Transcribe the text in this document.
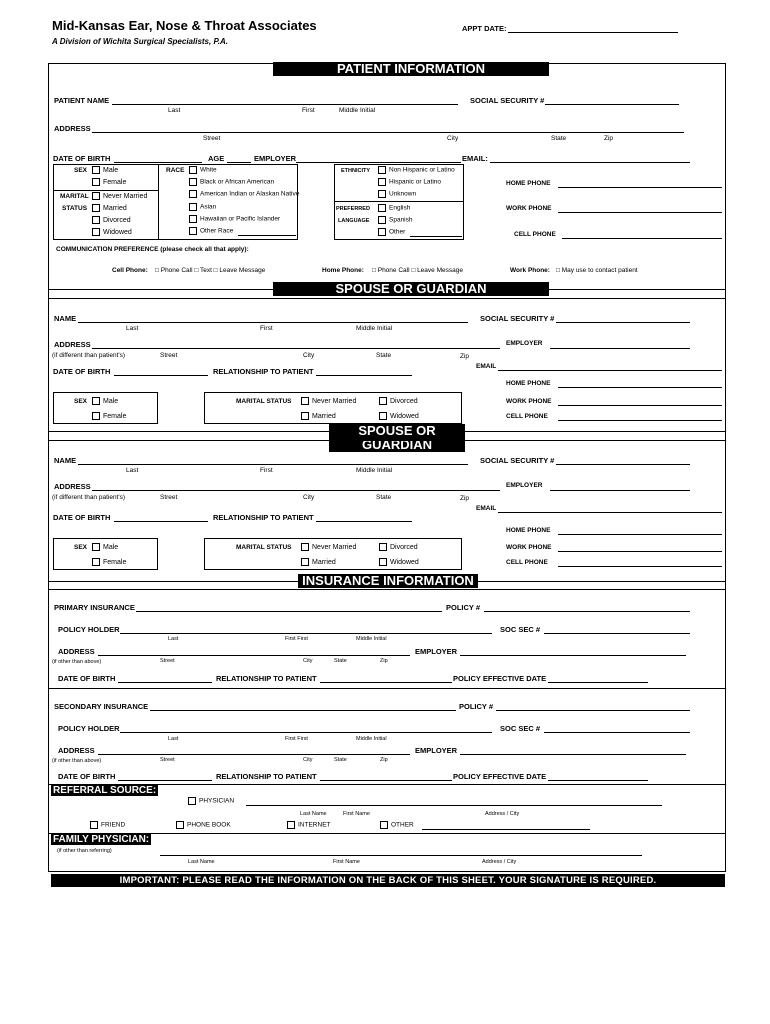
Mid-Kansas Ear, Nose & Throat Associates
A Division of Wichita Surgical Specialists, P.A.
APPT DATE:
PATIENT INFORMATION
PATIENT NAME
Last	First	Middle Initial
SOCIAL SECURITY #
ADDRESS
Street	City	State	Zip
DATE OF BIRTH	AGE	EMPLOYER	EMAIL:
SEX	Male
Female
MARITAL
STATUS
Never Married
Married
Divorced
Widowed
RACE	White
Black or African American
American Indian or Alaskan Native
Asian
Hawaiian or Pacific Islander
Other Race
ETHNICITY	Non Hispanic or Latino
Hispanic or Latino
Unknown
PREFERRED
LANGUAGE
English
Spanish
Other
HOME PHONE
WORK PHONE
CELL PHONE
COMMUNICATION PREFERENCE (please check all that apply):
Cell Phone: □ Phone Call □ Text □ Leave Message	Home Phone: □ Phone Call □ Leave Message	Work Phone: □ May use to contact patient
SPOUSE OR GUARDIAN
NAME
Last	First	Middle Initial
SOCIAL SECURITY #
ADDRESS	EMPLOYER
(if different than patient's)	Street	City	State	Zip
DATE OF BIRTH	RELATIONSHIP TO PATIENT
EMAIL
HOME PHONE
SEX	Male
Female
MARITAL STATUS	Never Married
Married
Divorced
Widowed
WORK PHONE
CELL PHONE
SPOUSE OR GUARDIAN
NAME
Last	First	Middle Initial
SOCIAL SECURITY #
ADDRESS	EMPLOYER
(if different than patient's)	Street	City	State	Zip
DATE OF BIRTH	RELATIONSHIP TO PATIENT
EMAIL
HOME PHONE
SEX	Male
Female
MARITAL STATUS	Never Married
Married
Divorced
Widowed
WORK PHONE
CELL PHONE
INSURANCE INFORMATION
PRIMARY INSURANCE	POLICY #
POLICY HOLDER	SOC SEC #
Last	First First	Middle Initial
ADDRESS	EMPLOYER
(if other than above)	Street	City	State	Zip
DATE OF BIRTH	RELATIONSHIP TO PATIENT	POLICY EFFECTIVE DATE
SECONDARY INSURANCE	POLICY #
POLICY HOLDER	SOC SEC #
Last	First First	Middle Initial
ADDRESS	EMPLOYER
(if other than above)	Street	City	State	Zip
DATE OF BIRTH	RELATIONSHIP TO PATIENT	POLICY EFFECTIVE DATE
REFERRAL SOURCE:
PHYSICIAN
Last Name	First Name	Address / City
FRIEND	PHONE BOOK	INTERNET	OTHER
FAMILY PHYSICIAN:
(if other than referring)
Last Name	First Name	Address / City
IMPORTANT: PLEASE READ THE INFORMATION ON THE BACK OF THIS SHEET. YOUR SIGNATURE IS REQUIRED.
